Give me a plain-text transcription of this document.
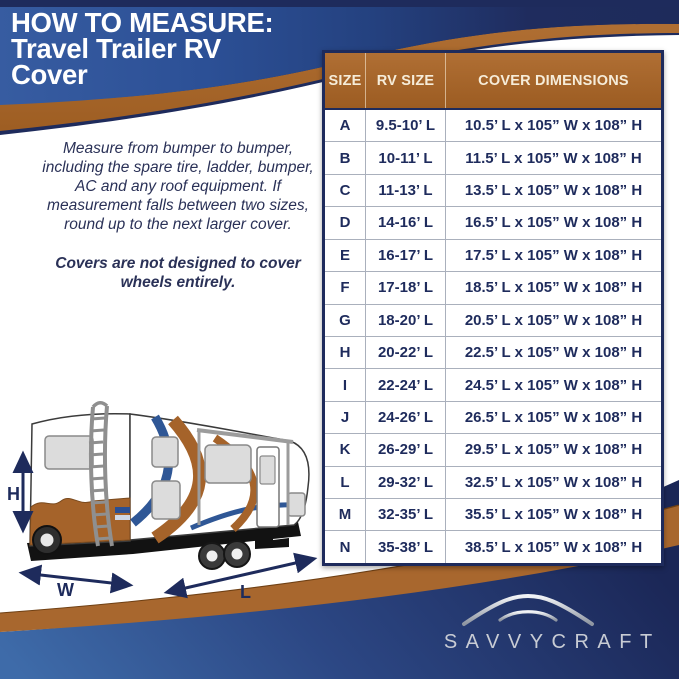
HOW TO MEASURE:
Travel Trailer RV
Cover
Measure from bumper to bumper, including the spare tire, ladder, bumper, AC and any roof equipment. If measurement falls between two sizes, round up to the next larger cover.
Covers are not designed to cover wheels entirely.
SIZE	RV SIZE	COVER DIMENSIONS
A	9.5-10’ L	10.5’ L x 105” W x 108” H
B	10-11’ L	11.5’ L x 105” W x 108” H
C	11-13’ L	13.5’ L x 105” W x 108” H
D	14-16’ L	16.5’ L x 105” W x 108” H
E	16-17’ L	17.5’ L x 105” W x 108” H
F	17-18’ L	18.5’ L x 105” W x 108” H
G	18-20’ L	20.5’ L x 105” W x 108” H
H	20-22’ L	22.5’ L x 105” W x 108” H
I	22-24’ L	24.5’ L x 105” W x 108” H
J	24-26’ L	26.5’ L x 105” W x 108” H
K	26-29’ L	29.5’ L x 105” W x 108” H
L	29-32’ L	32.5’ L x 105” W x 108” H
M	32-35’ L	35.5’ L x 105” W x 108” H
N	35-38’ L	38.5’ L x 105” W x 108” H
H
W	L
SAVVYCRAFT
